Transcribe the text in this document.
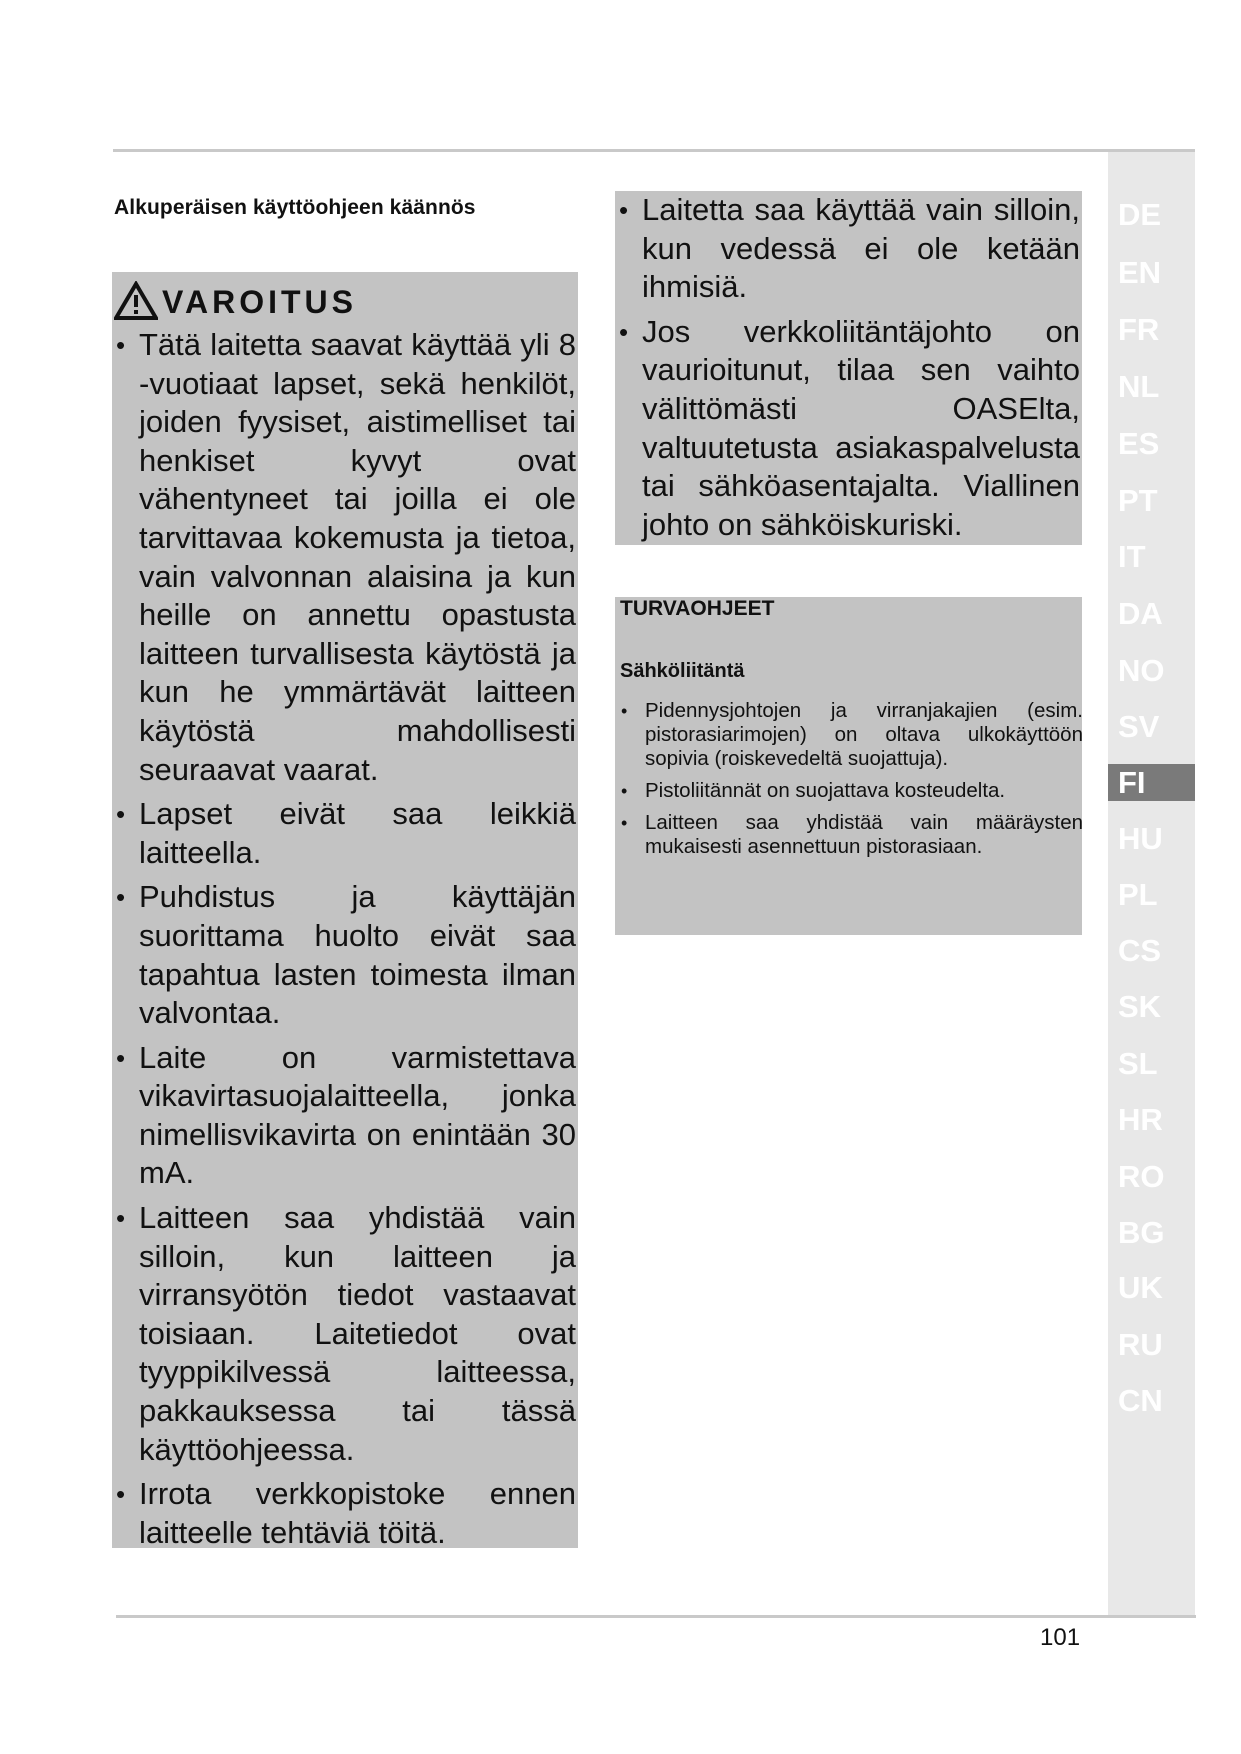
Alkuperäisen käyttöohjeen käännös
VAROITUS
• Tätä laitetta saavat käyttää yli 8 -vuotiaat lapset, sekä henkilöt, joiden fyysiset, aistimelliset tai henkiset kyvyt ovat vähentyneet tai joilla ei ole tarvittavaa kokemusta ja tietoa, vain valvonnan alaisina ja kun heille on annettu opastusta laitteen turvallisesta käytöstä ja kun he ymmärtävät laitteen käytöstä mahdollisesti seuraavat vaarat.
• Lapset eivät saa leikkiä laitteella.
• Puhdistus ja käyttäjän suorittama huolto eivät saa tapahtua lasten toimesta ilman valvontaa.
• Laite on varmistettava vikavirtasuojalaitteella, jonka nimellisvikavirta on enintään 30 mA.
• Laitteen saa yhdistää vain silloin, kun laitteen ja virransyötön tiedot vastaavat toisiaan. Laitetiedot ovat tyyppikilvessä laitteessa, pakkauksessa tai tässä käyttöohjeessa.
• Irrota verkkopistoke ennen laitteelle tehtäviä töitä.
• Laitetta saa käyttää vain silloin, kun vedessä ei ole ketään ihmisiä.
• Jos verkkoliitäntäjohto on vaurioitunut, tilaa sen vaihto välittömästi OASElta, valtuutetusta asiakaspalvelusta tai sähköasentajalta. Viallinen johto on sähköiskuriski.
TURVAOHJEET
Sähköliitäntä
• Pidennysjohtojen ja virranjakajien (esim. pistorasiarimojen) on oltava ulkokäyttöön sopivia (roiskevedeltä suojattuja).
• Pistoliitännät on suojattava kosteudelta.
• Laitteen saa yhdistää vain määräysten mukaisesti asennettuun pistorasiaan.
DE
EN
FR
NL
ES
PT
IT
DA
NO
SV
FI
HU
PL
CS
SK
SL
HR
RO
BG
UK
RU
CN
101
